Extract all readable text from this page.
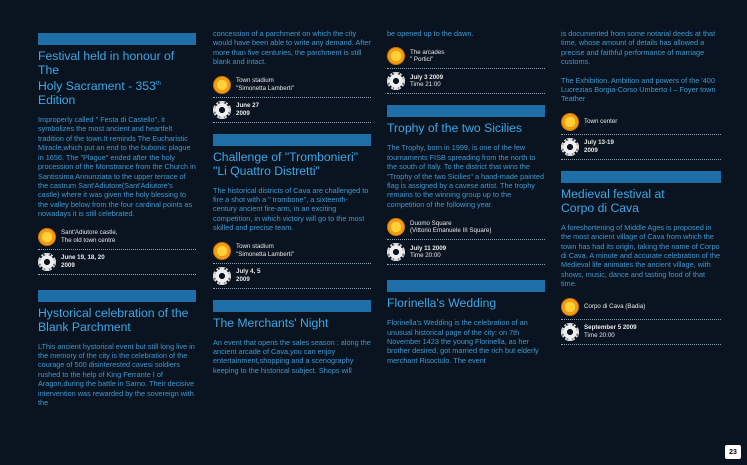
Festival held in honour of The
Holy Sacrament - 353th Edition

Improperly called " Festa di Castello", it symbolizes the most ancient and heartfelt tradition of the town.It reminds The Eucharistic Miracle,which put an end to the bubonic plague in 1656. The "Plague" ended after the holy procession of the Monstrance from the Church in Santissima Annunziata to the upper terrace of the castrum Sant'Adiutore(Sant'Adiutore's castle) where it was given the holy blessing to the valley below from the four cardinal points as nowadays it is still celebrated.

Sant'Adiutore castle,
The old town centre
June 19, 18, 20
2009
Hystorical celebration of the
Blank Parchment

LThis ancient hystorical event but still long live in the memory of the city is the celebration of the courage of 500 disinterested cavesi soldiers rushed to the help of King Ferrante I of Aragon,during the battle in Sarno. Their decisive intervention was rewarded by the sovereign with the

concession of a parchment on which the city would have been able to write any demand. After more than five centuries, the parchment is still blank and intact.

Town stadium
"Simonetta Lamberti"
June 27
2009
Challenge of "Trombonieri"
"Li Quattro Distretti"

The historical districts of Cava are challenged to fire a shot with a " trombone", a sixteenth-century ancient fire-arm, in an exciting competition, in which victory will go to the most skilled and precise team.

Town stadium
"Simonetta Lamberti"
July 4, 5
2009
The Merchants' Night

An event that opens the sales season : along the ancient arcade of Cava,you can enjoy entertainment,shopping and a scenography keeping to the historical subject. Shops will

be opened up to the dawn.

The arcades
" Portici"
July 3 2009
Time 21:00
Trophy of the two Sicilies

The Trophy, born in 1999, is one of the few tournaments FISB spreading from the north to the south of Italy. To the district that wins the "Trophy of the two Sicilies" a hand-made painted flag is assigned by a cavese artist. The trophy remains to the winning group up to the competition of the following year.

Duomo Square
(Vittorio Emanuele III Square)
July 11 2009
Time 20:00
Florinella's Wedding

Florinella's Wedding is the celebration of an unusual historical page of the city: on 7th November 1423 the young Florinella, as her brother desired, got married the rich but elderly merchant Risoctulo. The event

is documented from some notarial deeds at that time, whose amount of details has allowed a precise and faithful performance of marriage customs.

The Exhibition. Ambition and powers of the '400 Lucrezias Borgia-Corso Umberto I – Foyer town Teather

Town center
July 13-19
2009
Medieval festival at
Corpo di Cava

A foreshortening of Middle Ages is proposed in the most ancient village of Cava from which the town has had its origin, taking the name of Corpo di Cava. A minute and accurate celebration of the Medieval life animates the ancient village, with shows, music, dance and tasting food of that time.

Corpo di Cava (Badia)
September 5 2009
Time 20:00
23
